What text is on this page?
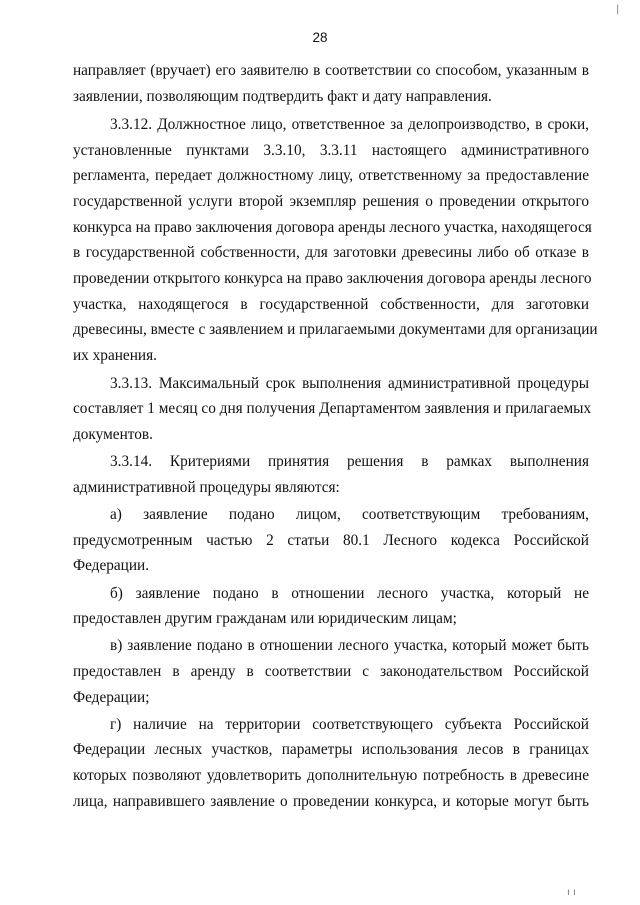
28
направляет (вручает) его заявителю в соответствии со способом, указанным в
заявлении, позволяющим подтвердить факт и дату направления.
3.3.12. Должностное лицо, ответственное за делопроизводство, в сроки,
установленные пунктами 3.3.10, 3.3.11 настоящего административного
регламента, передает должностному лицу, ответственному за предоставление
государственной услуги второй экземпляр решения о проведении открытого
конкурса на право заключения договора аренды лесного участка, находящегося
в государственной собственности, для заготовки древесины либо об отказе в
проведении открытого конкурса на право заключения договора аренды лесного
участка, находящегося в государственной собственности, для заготовки
древесины, вместе с заявлением и прилагаемыми документами для организации
их хранения.
3.3.13. Максимальный срок выполнения административной процедуры
составляет 1 месяц со дня получения Департаментом заявления и прилагаемых
документов.
3.3.14. Критериями принятия решения в рамках выполнения
административной процедуры являются:
а) заявление подано лицом, соответствующим требованиям,
предусмотренным частью 2 статьи 80.1 Лесного кодекса Российской
Федерации.
б) заявление подано в отношении лесного участка, который не
предоставлен другим гражданам или юридическим лицам;
в) заявление подано в отношении лесного участка, который может быть
предоставлен в аренду в соответствии с законодательством Российской
Федерации;
г) наличие на территории соответствующего субъекта Российской
Федерации лесных участков, параметры использования лесов в границах
которых позволяют удовлетворить дополнительную потребность в древесине
лица, направившего заявление о проведении конкурса, и которые могут быть
|
ı ı
